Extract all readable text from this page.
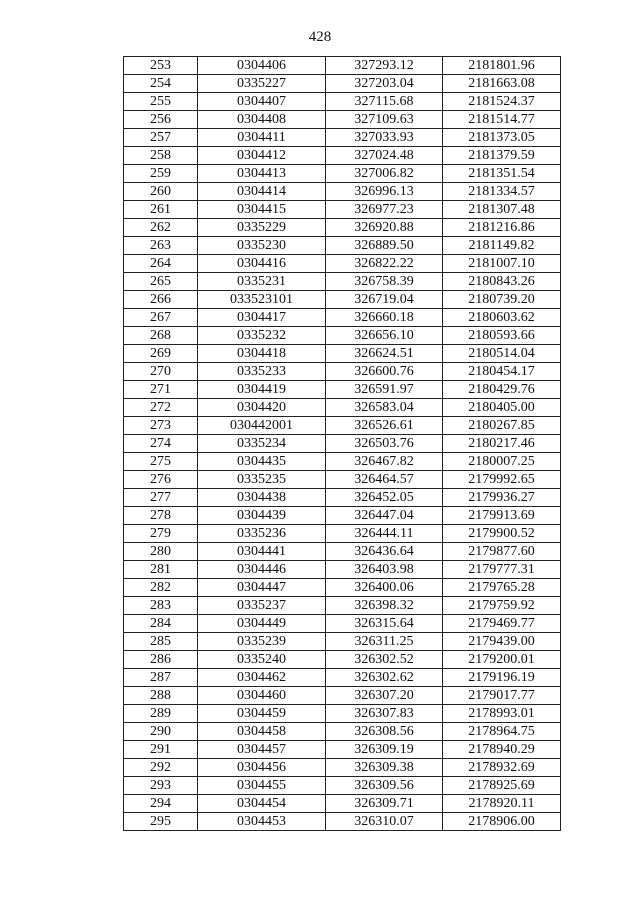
428
253	0304406	327293.12	2181801.96
254	0335227	327203.04	2181663.08
255	0304407	327115.68	2181524.37
256	0304408	327109.63	2181514.77
257	0304411	327033.93	2181373.05
258	0304412	327024.48	2181379.59
259	0304413	327006.82	2181351.54
260	0304414	326996.13	2181334.57
261	0304415	326977.23	2181307.48
262	0335229	326920.88	2181216.86
263	0335230	326889.50	2181149.82
264	0304416	326822.22	2181007.10
265	0335231	326758.39	2180843.26
266	033523101	326719.04	2180739.20
267	0304417	326660.18	2180603.62
268	0335232	326656.10	2180593.66
269	0304418	326624.51	2180514.04
270	0335233	326600.76	2180454.17
271	0304419	326591.97	2180429.76
272	0304420	326583.04	2180405.00
273	030442001	326526.61	2180267.85
274	0335234	326503.76	2180217.46
275	0304435	326467.82	2180007.25
276	0335235	326464.57	2179992.65
277	0304438	326452.05	2179936.27
278	0304439	326447.04	2179913.69
279	0335236	326444.11	2179900.52
280	0304441	326436.64	2179877.60
281	0304446	326403.98	2179777.31
282	0304447	326400.06	2179765.28
283	0335237	326398.32	2179759.92
284	0304449	326315.64	2179469.77
285	0335239	326311.25	2179439.00
286	0335240	326302.52	2179200.01
287	0304462	326302.62	2179196.19
288	0304460	326307.20	2179017.77
289	0304459	326307.83	2178993.01
290	0304458	326308.56	2178964.75
291	0304457	326309.19	2178940.29
292	0304456	326309.38	2178932.69
293	0304455	326309.56	2178925.69
294	0304454	326309.71	2178920.11
295	0304453	326310.07	2178906.00
